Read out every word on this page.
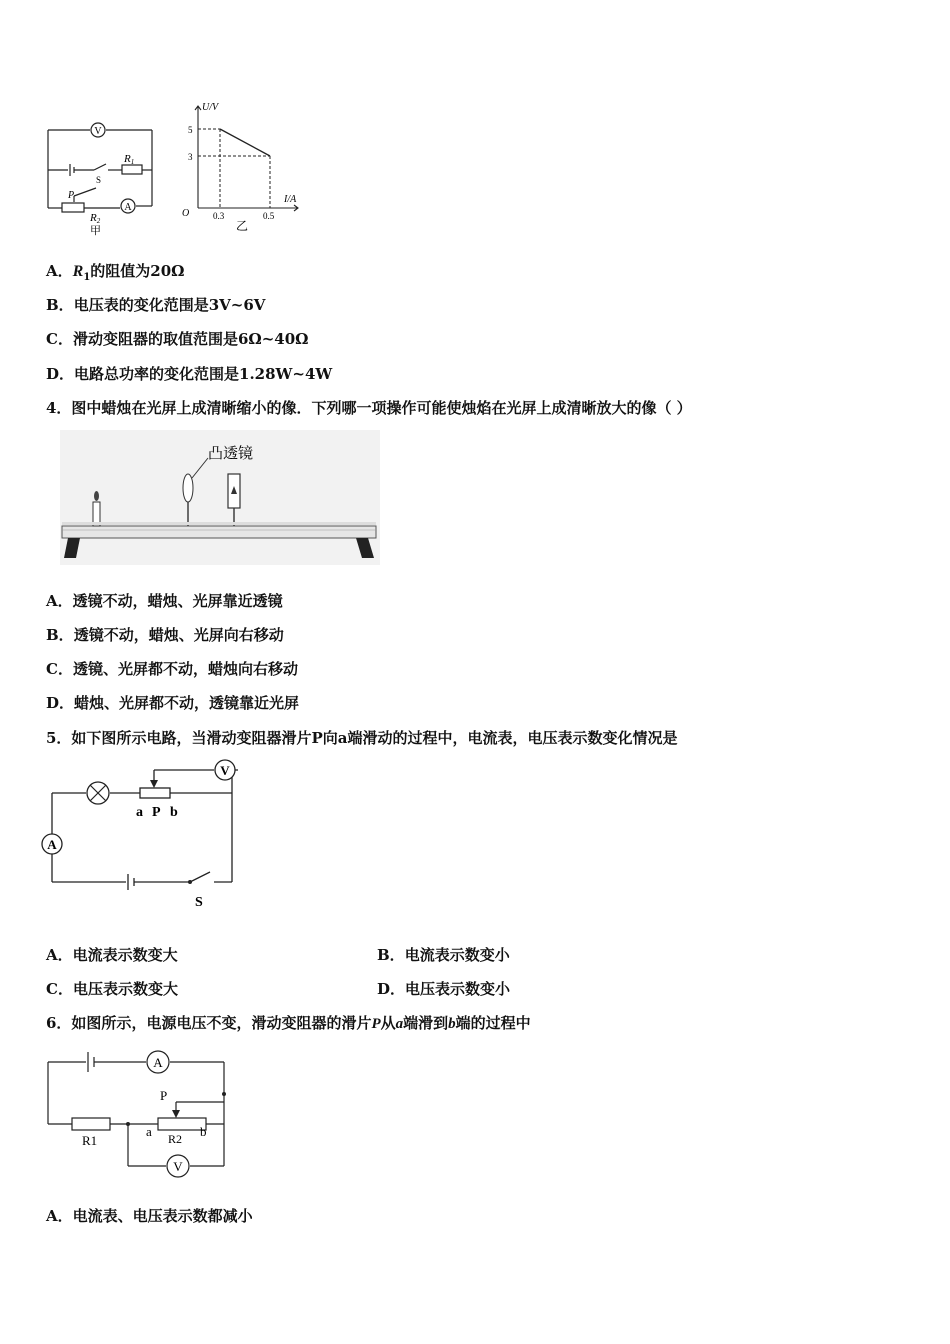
V
A
R1
S
P
R2
甲
U/V
I/A
O
5
3
0.3	0.5
乙
A．$R_1$的阻值为20Ω
B．电压表的变化范围是3V~6V
C．滑动变阻器的取值范围是6Ω~40Ω
D．电路总功率的变化范围是1.28W~4W
4．图中蜡烛在光屏上成清晰缩小的像．下列哪一项操作可能使烛焰在光屏上成清晰放大的像（ ）
凸透镜
A．透镜不动，蜡烛、光屏靠近透镜
B．透镜不动，蜡烛、光屏向右移动
C．透镜、光屏都不动，蜡烛向右移动
D．蜡烛、光屏都不动，透镜靠近光屏
5．如下图所示电路，当滑动变阻器滑片P向a端滑动的过程中，电流表，电压表示数变化情况是
V
A
a P b
S
A．电流表示数变大	B．电流表示数变小
C．电压表示数变大	D．电压表示数变小
6．如图所示，电源电压不变，滑动变阻器的滑片P从a端滑到b端的过程中
A
V
P
a	b
R1	R2
A．电流表、电压表示数都减小
